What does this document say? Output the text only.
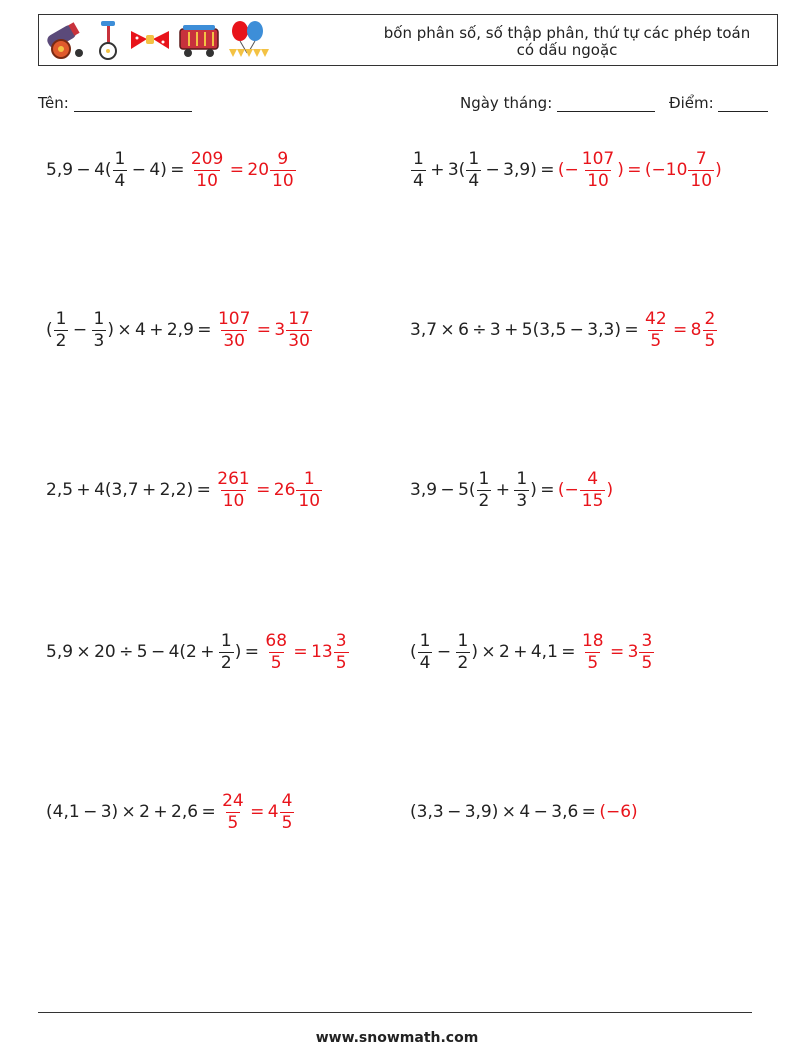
bốn phân số, số thập phân, thứ tự các phép toán có dấu ngoặc
Tên:	Ngày tháng:	Điểm:
$5,9 - 4( \frac{1}{4} - 4) = \frac{209}{10} = 20 \frac{9}{10}$	$\frac{1}{4} + 3( \frac{1}{4} - 3,9)$ =  (− $\frac{107}{10}$ ) = ($-10 \frac{7}{10}$ )
( $\frac{1}{2} - \frac{1}{3}$ ) × $4 + 2,9 = \frac{107}{30} = 3 \frac{17}{30}$	$3,7 \times 6 \div 3 + 5(3,5 - 3,3) = \frac{42}{5} = 8 \frac{2}{5}$
$2,5 + 4(3,7 + 2,2) = \frac{261}{10} = 26 \frac{1}{10}$	$3,9 - 5( \frac{1}{2} + \frac{1}{3}$ ) =  (− $\frac{4}{15}$ )
$5,9 \times 20 \div 5 - 4(2 + \frac{1}{2}$ ) =  $\frac{68}{5} = 13 \frac{3}{5}$	( $\frac{1}{4} - \frac{1}{2}$ ) × $2 + 4,1 = \frac{18}{5} = 3 \frac{3}{5}$
$(4,1 - 3) \times 2 + 2,6 = \frac{24}{5} = 4 \frac{4}{5}$	(3,3 − 3,9) × 4 − 3,6 =  (−6)
www.snowmath.com
